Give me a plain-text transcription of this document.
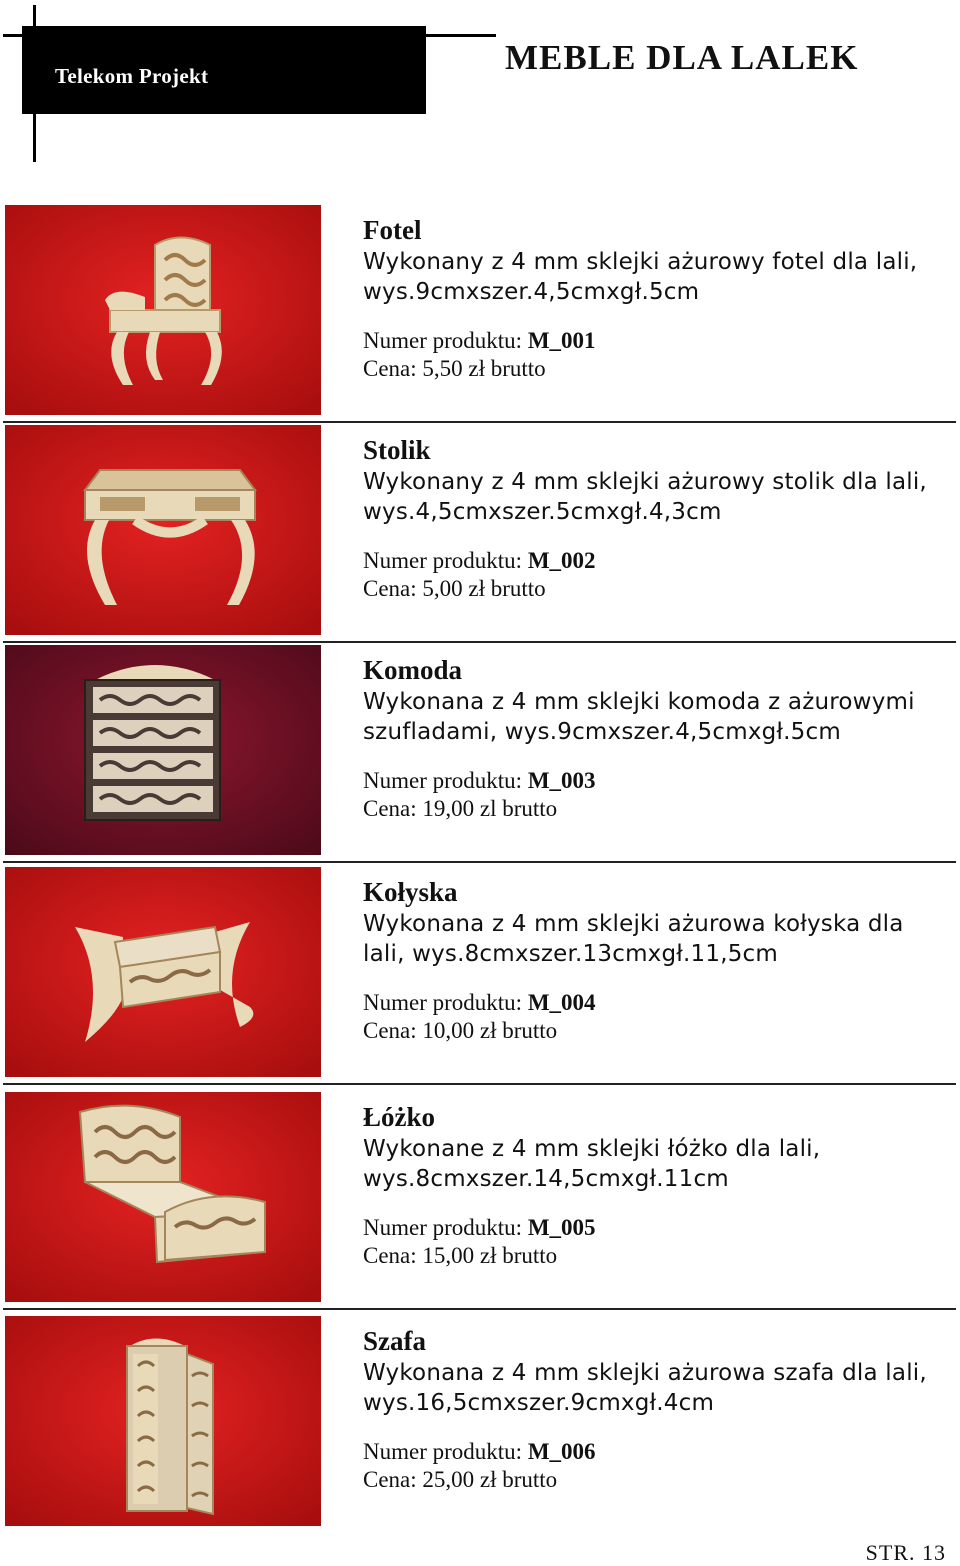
Telekom Projekt	MEBLE DLA LALEK
Fotel
Wykonany z 4 mm sklejki ażurowy fotel dla lali,
wys.9cmxszer.4,5cmxgł.5cm
Numer produktu: M_001
Cena: 5,50 zł brutto
Stolik
Wykonany z 4 mm sklejki ażurowy stolik dla lali,
wys.4,5cmxszer.5cmxgł.4,3cm
Numer produktu: M_002
Cena: 5,00 zł brutto
Komoda
Wykonana z 4 mm sklejki komoda z ażurowymi
szufladami, wys.9cmxszer.4,5cmxgł.5cm
Numer produktu: M_003
Cena: 19,00 zl brutto
Kołyska
Wykonana z 4 mm sklejki ażurowa kołyska dla
lali, wys.8cmxszer.13cmxgł.11,5cm
Numer produktu: M_004
Cena: 10,00 zł brutto
Łóżko
Wykonane z 4 mm sklejki łóżko dla lali,
wys.8cmxszer.14,5cmxgł.11cm
Numer produktu: M_005
Cena: 15,00 zł brutto
Szafa
Wykonana z 4 mm sklejki ażurowa szafa dla lali,
wys.16,5cmxszer.9cmxgł.4cm
Numer produktu: M_006
Cena: 25,00 zł brutto
STR. 13
